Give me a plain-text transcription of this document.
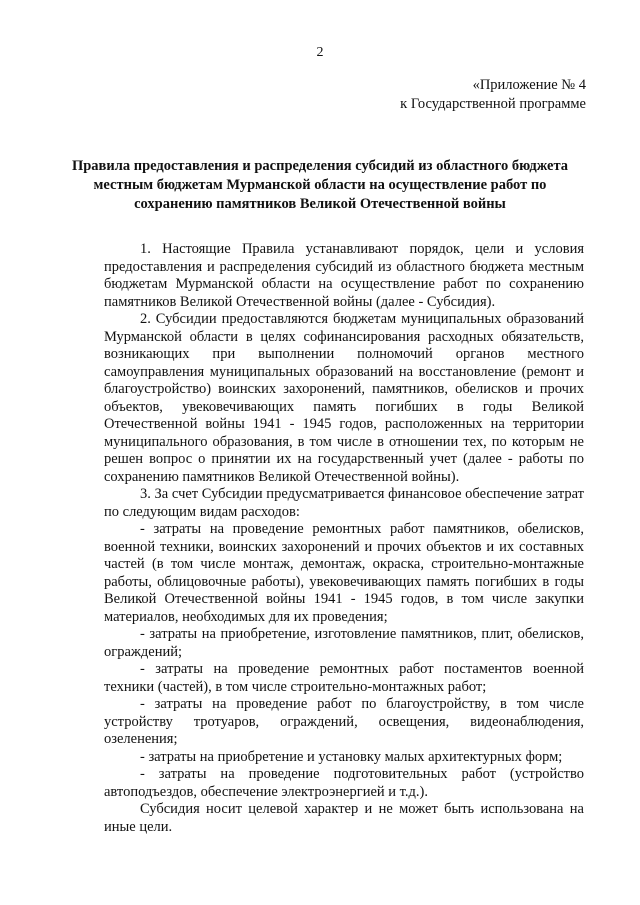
2
«Приложение № 4
к Государственной программе
Правила предоставления и распределения субсидий из областного бюджета местным бюджетам Мурманской области на осуществление работ по сохранению памятников Великой Отечественной войны

1. Настоящие Правила устанавливают порядок, цели и условия предоставления и распределения субсидий из областного бюджета местным бюджетам Мурманской области на осуществление работ по сохранению памятников Великой Отечественной войны (далее - Субсидия).

2. Субсидии предоставляются бюджетам муниципальных образований Мурманской области в целях софинансирования расходных обязательств, возникающих при выполнении полномочий органов местного самоуправления муниципальных образований на восстановление (ремонт и благоустройство) воинских захоронений, памятников, обелисков и прочих объектов, увековечивающих память погибших в годы Великой Отечественной войны 1941 - 1945 годов, расположенных на территории муниципального образования, в том числе в отношении тех, по которым не решен вопрос о принятии их на государственный учет (далее - работы по сохранению памятников Великой Отечественной войны).

3. За счет Субсидии предусматривается финансовое обеспечение затрат по следующим видам расходов:

- затраты на проведение ремонтных работ памятников, обелисков, военной техники, воинских захоронений и прочих объектов и их составных частей (в том числе монтаж, демонтаж, окраска, строительно-монтажные работы, облицовочные работы), увековечивающих память погибших в годы Великой Отечественной войны 1941 - 1945 годов, в том числе закупки материалов, необходимых для их проведения;

- затраты на приобретение, изготовление памятников, плит, обелисков, ограждений;

- затраты на проведение ремонтных работ постаментов военной техники (частей), в том числе строительно-монтажных работ;

- затраты на проведение работ по благоустройству, в том числе устройству тротуаров, ограждений, освещения, видеонаблюдения, озеленения;

- затраты на приобретение и установку малых архитектурных форм;

- затраты на проведение подготовительных работ (устройство автоподъездов, обеспечение электроэнергией и т.д.).

Субсидия носит целевой характер и не может быть использована на иные цели.
